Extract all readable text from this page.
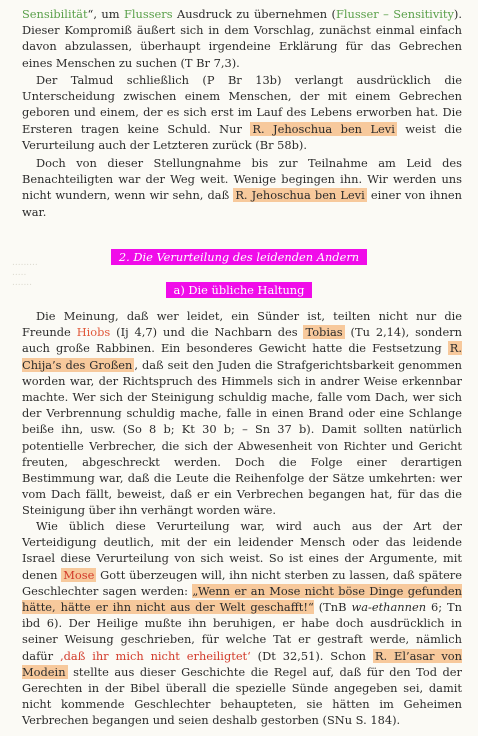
Sensibilität“, um Flussers Ausdruck zu übernehmen (Flusser – Sensitivity). Dieser Kompromiß äußert sich in dem Vorschlag, zunächst einmal einfach davon abzulassen, überhaupt irgendeine Erklärung für das Gebrechen eines Menschen zu suchen (T Br 7,3).

Der Talmud schließlich (P Br 13b) verlangt ausdrücklich die Unterscheidung zwischen einem Menschen, der mit einem Gebrechen geboren und einem, der es sich erst im Lauf des Lebens erworben hat. Die Ersteren tragen keine Schuld. Nur R. Jehoschua ben Levi weist die Verurteilung auch der Letzteren zurück (Br 58b).

Doch von dieser Stellungnahme bis zur Teilnahme am Leid des Benachteiligten war der Weg weit. Wenige begingen ihn. Wir werden uns nicht wundern, wenn wir sehn, daß R. Jehoschua ben Levi einer von ihnen war.

.........
.....
.......
2. Die Verurteilung des leidenden Andern
a) Die übliche Haltung

Die Meinung, daß wer leidet, ein Sünder ist, teilten nicht nur die Freunde Hiobs (Ij 4,7) und die Nachbarn des Tobias (Tu 2,14), sondern auch große Rabbinen. Ein besonderes Gewicht hatte die Festsetzung R. Chija’s des Großen , daß seit den Juden die Strafgerichtsbarkeit genommen worden war, der Richtspruch des Himmels sich in andrer Weise erkennbar machte. Wer sich der Steinigung schuldig mache, falle vom Dach, wer sich der Verbrennung schuldig mache, falle in einen Brand oder eine Schlange beiße ihn, usw. (So 8 b; Kt 30 b; – Sn 37 b). Damit sollten natürlich potentielle Verbrecher, die sich der Abwesenheit von Richter und Gericht freuten, abgeschreckt werden. Doch die Folge einer derartigen Bestimmung war, daß die Leute die Reihenfolge der Sätze umkehrten: wer vom Dach fällt, beweist, daß er ein Verbrechen begangen hat, für das die Steinigung über ihn verhängt worden wäre.

Wie üblich diese Verurteilung war, wird auch aus der Art der Verteidigung deutlich, mit der ein leidender Mensch oder das leidende Israel diese Verurteilung von sich weist. So ist eines der Argumente, mit denen Mose Gott überzeugen will, ihn nicht sterben zu lassen, daß spätere Geschlechter sagen werden: „Wenn er an Mose nicht böse Dinge gefunden hätte, hätte er ihn nicht aus der Welt geschafft!“ (TnB wa-ethannen 6; Tn ibd 6). Der Heilige mußte ihn beruhigen, er habe doch ausdrücklich in seiner Weisung geschrieben, für welche Tat er gestraft werde, nämlich dafür ‚daß ihr mich nicht erheiligtet‘ (Dt 32,51). Schon R. El’asar von Modein stellte aus dieser Geschichte die Regel auf, daß für den Tod der Gerechten in der Bibel überall die spezielle Sünde angegeben sei, damit nicht kommende Geschlechter behaupteten, sie hätten im Geheimen Verbrechen begangen und seien deshalb gestorben (SNu S. 184).
